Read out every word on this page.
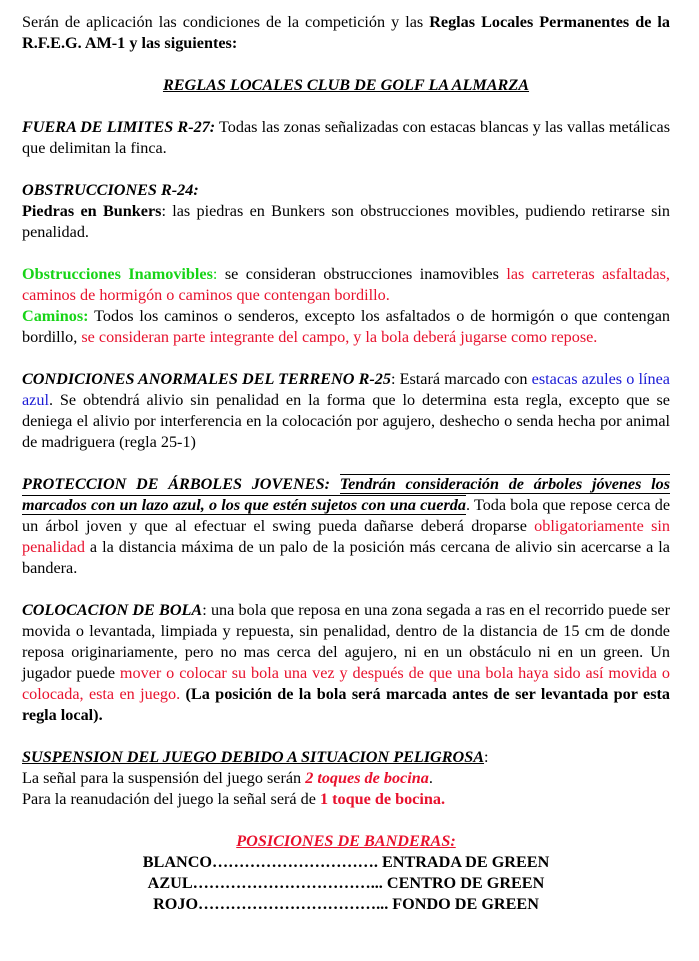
Serán de aplicación las condiciones de la competición y las Reglas Locales Permanentes de la R.F.E.G. AM-1 y las siguientes:

REGLAS LOCALES CLUB DE GOLF LA ALMARZA

FUERA DE LIMITES R-27: Todas las zonas señalizadas con estacas blancas y las vallas metálicas que delimitan la finca.

OBSTRUCCIONES R-24:

Piedras en Bunkers: las piedras en Bunkers son obstrucciones movibles, pudiendo retirarse sin penalidad.

Obstrucciones Inamovibles: se consideran obstrucciones inamovibles las carreteras asfaltadas, caminos de hormigón o caminos que contengan bordillo.

Caminos: Todos los caminos o senderos, excepto los asfaltados o de hormigón o que contengan bordillo, se consideran parte integrante del campo, y la bola deberá jugarse como repose.

CONDICIONES ANORMALES DEL TERRENO R-25: Estará marcado con estacas azules o línea azul. Se obtendrá alivio sin penalidad en la forma que lo determina esta regla, excepto que se deniega el alivio por interferencia en la colocación por agujero, deshecho o senda hecha por animal de madriguera (regla 25-1)

PROTECCION DE ÁRBOLES JOVENES: Tendrán consideración de árboles jóvenes los marcados con un lazo azul, o los que estén sujetos con una cuerda. Toda bola que repose cerca de un árbol joven y que al efectuar el swing pueda dañarse deberá droparse obligatoriamente sin penalidad a la distancia máxima de un palo de la posición más cercana de alivio sin acercarse a la bandera.

COLOCACION DE BOLA: una bola que reposa en una zona segada a ras en el recorrido puede ser movida o levantada, limpiada y repuesta, sin penalidad, dentro de la distancia de 15 cm de donde reposa originariamente, pero no mas cerca del agujero, ni en un obstáculo ni en un green. Un jugador puede mover o colocar su bola una vez y después de que una bola haya sido así movida o colocada, esta en juego. (La posición de la bola será marcada antes de ser levantada por esta regla local).

SUSPENSION DEL JUEGO DEBIDO A SITUACION PELIGROSA:

La señal para la suspensión del juego serán 2 toques de bocina.

Para la reanudación del juego la señal será de 1 toque de bocina.

POSICIONES DE BANDERAS:

BLANCO…………………………. ENTRADA DE GREEN

AZUL……………………………... CENTRO DE GREEN

ROJO……………………………... FONDO DE GREEN
